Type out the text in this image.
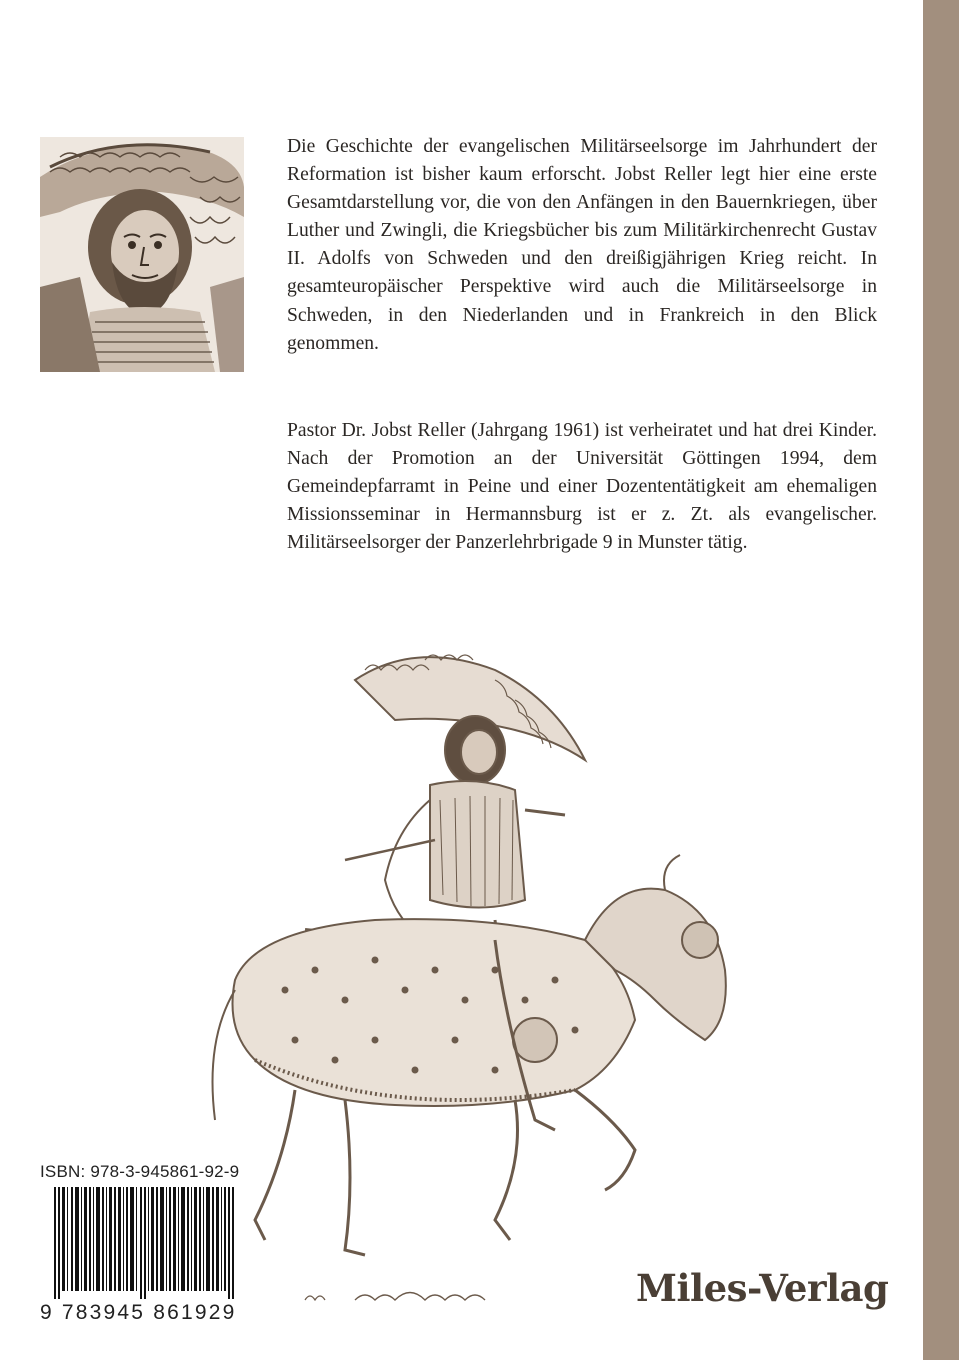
Die Geschichte der evangelischen Militärseelsorge im Jahrhundert der Reformation ist bisher kaum erforscht. Jobst Reller legt hier eine erste Gesamtdarstellung vor, die von den Anfängen in den Bauernkriegen, über Luther und Zwingli, die Kriegsbücher bis zum Militärkirchenrecht Gustav II. Adolfs von Schweden und den dreißigjährigen Krieg reicht. In gesamteuropäischer Perspektive wird auch die Militärseelsorge in Schweden, in den Niederlanden und in Frankreich in den Blick genommen.

Pastor Dr. Jobst Reller (Jahrgang 1961) ist verheiratet und hat drei Kinder. Nach der Promotion an der Universität Göttingen 1994, dem Gemeindepfarramt in Peine und einer Dozententätigkeit am ehemaligen Missionsseminar in Hermannsburg ist er z. Zt. als evangelischer. Militärseelsorger der Panzerlehrbrigade 9 in Munster tätig.

ISBN: 978-3-945861-92-9
9 783945 861929
Miles-Verlag
